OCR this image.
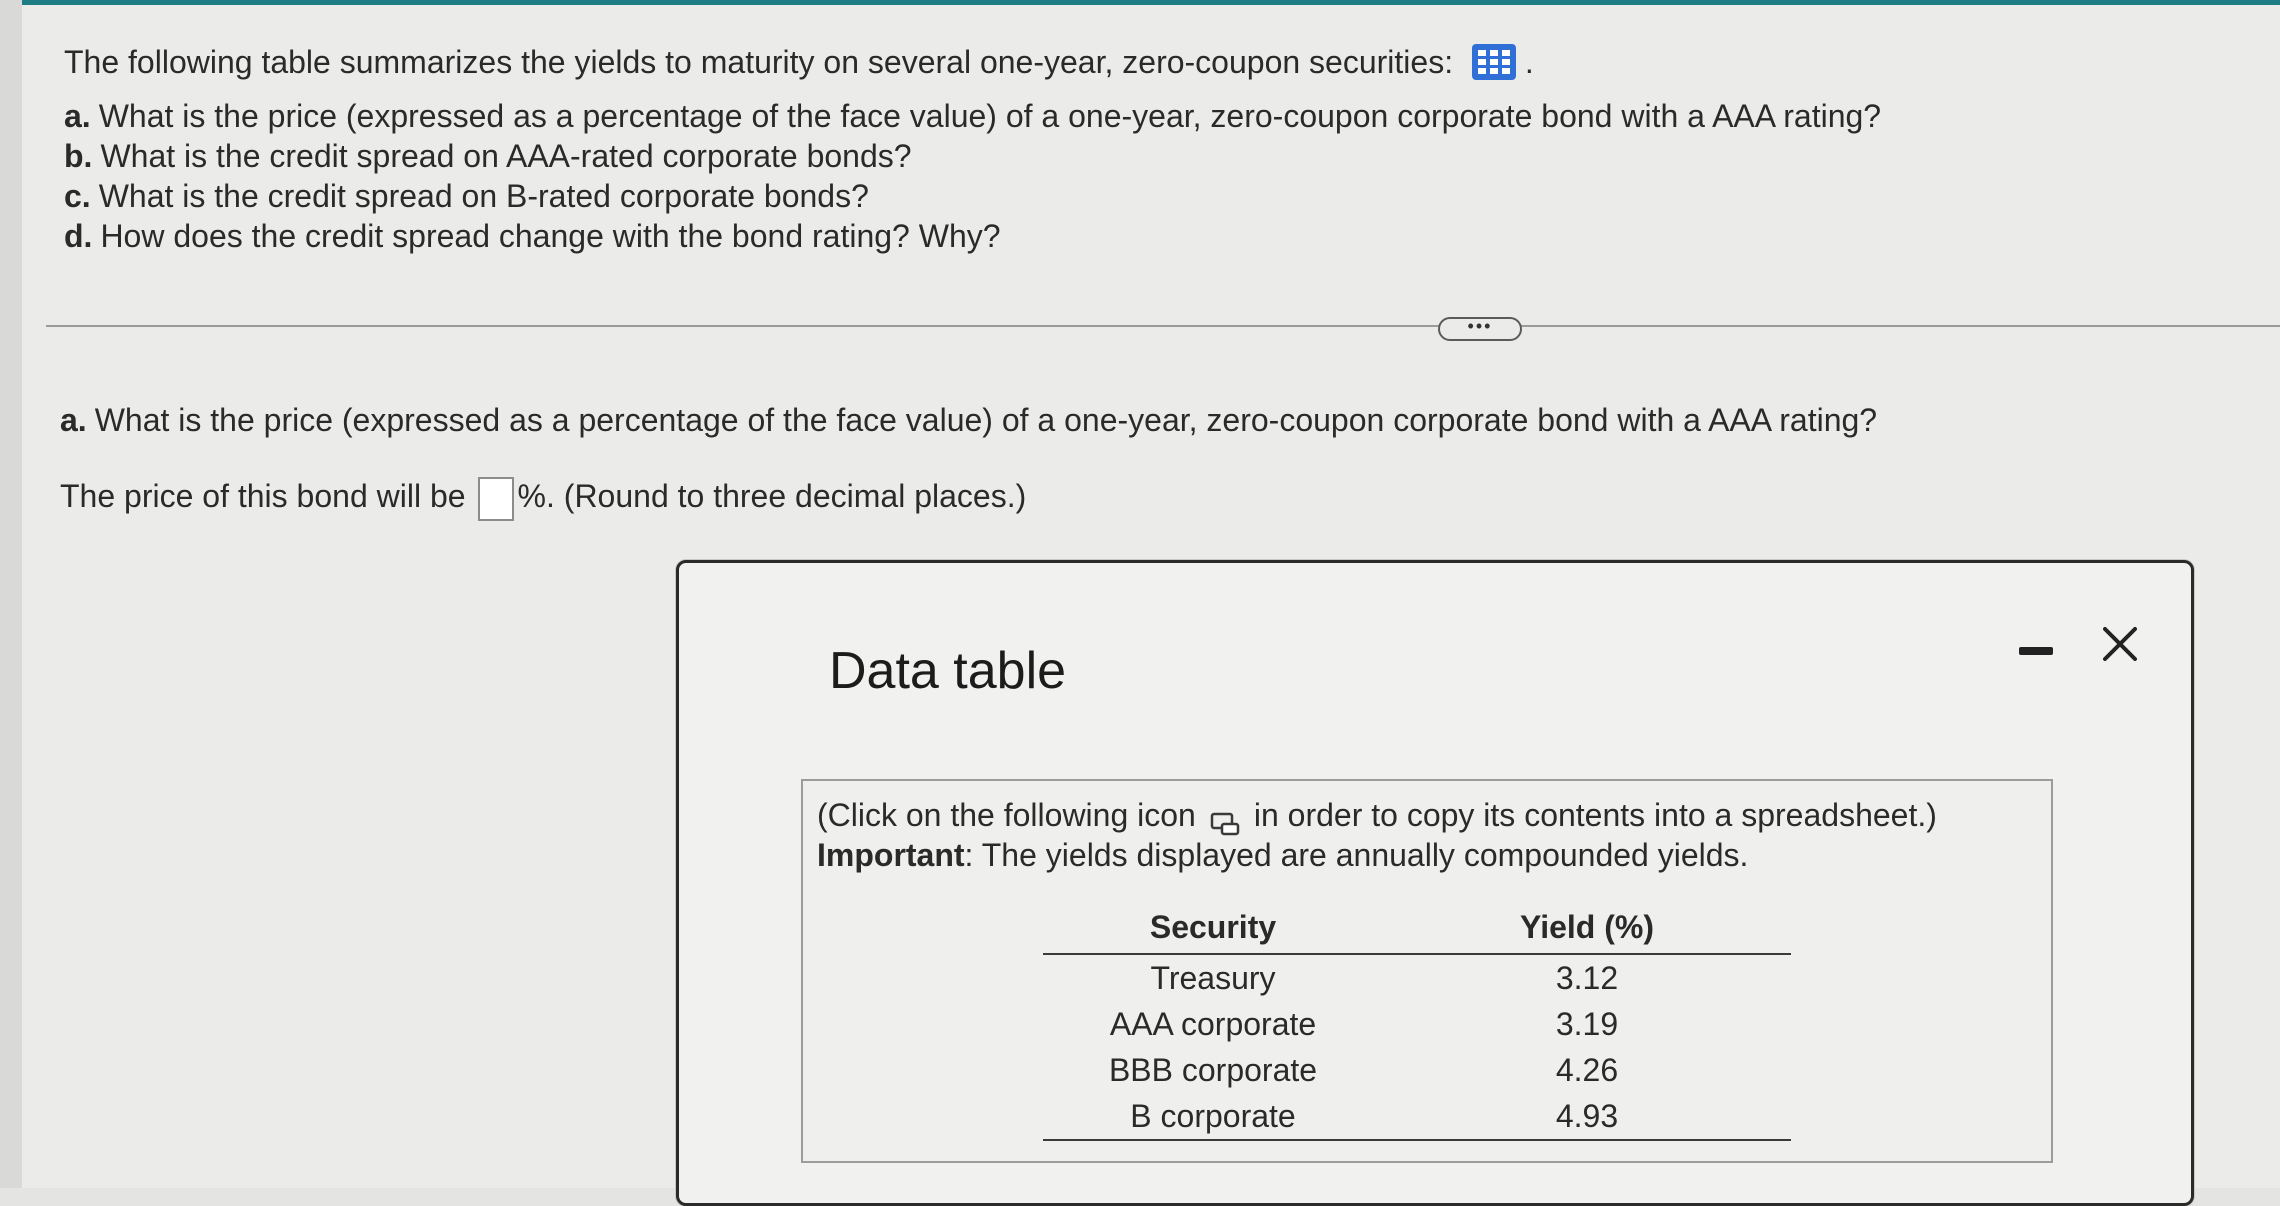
The following table summarizes the yields to maturity on several one-year, zero-coupon securities: .
a. What is the price (expressed as a percentage of the face value) of a one-year, zero-coupon corporate bond with a AAA rating?
b. What is the credit spread on AAA-rated corporate bonds?
c. What is the credit spread on B-rated corporate bonds?
d. How does the credit spread change with the bond rating? Why?
•••
a. What is the price (expressed as a percentage of the face value) of a one-year, zero-coupon corporate bond with a AAA rating?
The price of this bond will be %. (Round to three decimal places.)
Data table
(Click on the following icon in order to copy its contents into a spreadsheet.)
Important: The yields displayed are annually compounded yields.
Security	Yield (%)
Treasury	3.12
AAA corporate	3.19
BBB corporate	4.26
B corporate	4.93
